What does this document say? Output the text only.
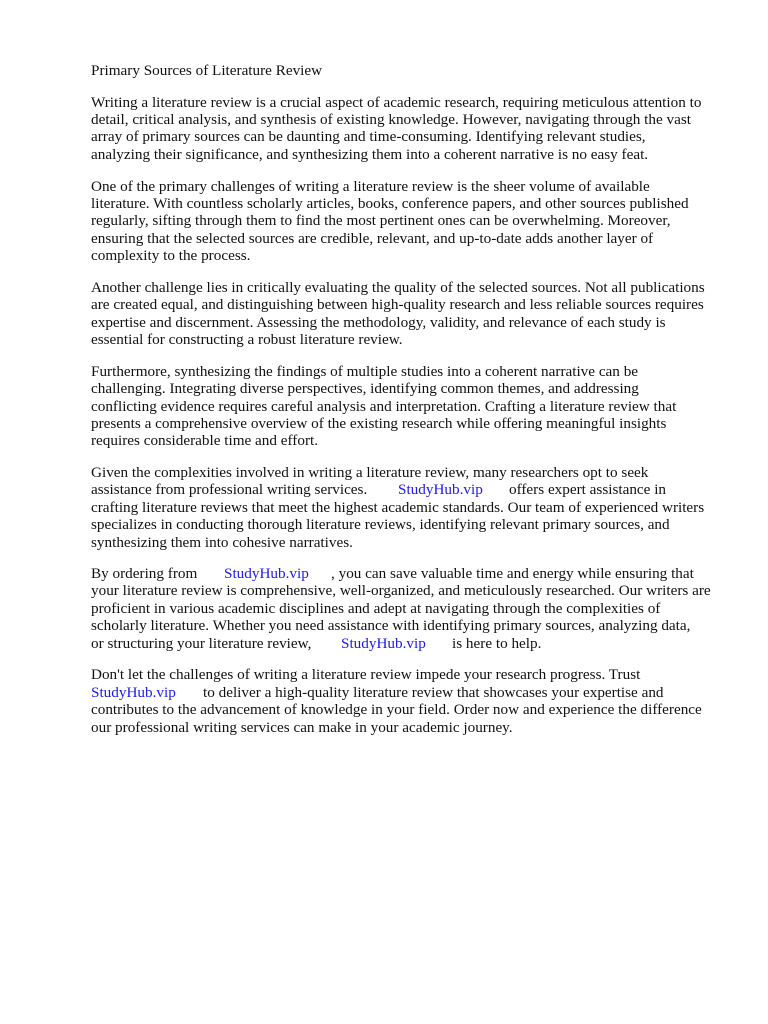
Primary Sources of Literature Review
Writing a literature review is a crucial aspect of academic research, requiring meticulous attention to
detail, critical analysis, and synthesis of existing knowledge. However, navigating through the vast
array of primary sources can be daunting and time-consuming. Identifying relevant studies,
analyzing their significance, and synthesizing them into a coherent narrative is no easy feat.
One of the primary challenges of writing a literature review is the sheer volume of available
literature. With countless scholarly articles, books, conference papers, and other sources published
regularly, sifting through them to find the most pertinent ones can be overwhelming. Moreover,
ensuring that the selected sources are credible, relevant, and up-to-date adds another layer of
complexity to the process.
Another challenge lies in critically evaluating the quality of the selected sources. Not all publications
are created equal, and distinguishing between high-quality research and less reliable sources requires
expertise and discernment. Assessing the methodology, validity, and relevance of each study is
essential for constructing a robust literature review.
Furthermore, synthesizing the findings of multiple studies into a coherent narrative can be
challenging. Integrating diverse perspectives, identifying common themes, and addressing
conflicting evidence requires careful analysis and interpretation. Crafting a literature review that
presents a comprehensive overview of the existing research while offering meaningful insights
requires considerable time and effort.
Given the complexities involved in writing a literature review, many researchers opt to seek
assistance from professional writing services. StudyHub.vip offers expert assistance in
crafting literature reviews that meet the highest academic standards. Our team of experienced writers
specializes in conducting thorough literature reviews, identifying relevant primary sources, and
synthesizing them into cohesive narratives.
By ordering from StudyHub.vip , you can save valuable time and energy while ensuring that
your literature review is comprehensive, well-organized, and meticulously researched. Our writers are
proficient in various academic disciplines and adept at navigating through the complexities of
scholarly literature. Whether you need assistance with identifying primary sources, analyzing data,
or structuring your literature review, StudyHub.vip is here to help.
Don't let the challenges of writing a literature review impede your research progress. Trust
StudyHub.vip to deliver a high-quality literature review that showcases your expertise and
contributes to the advancement of knowledge in your field. Order now and experience the difference
our professional writing services can make in your academic journey.
